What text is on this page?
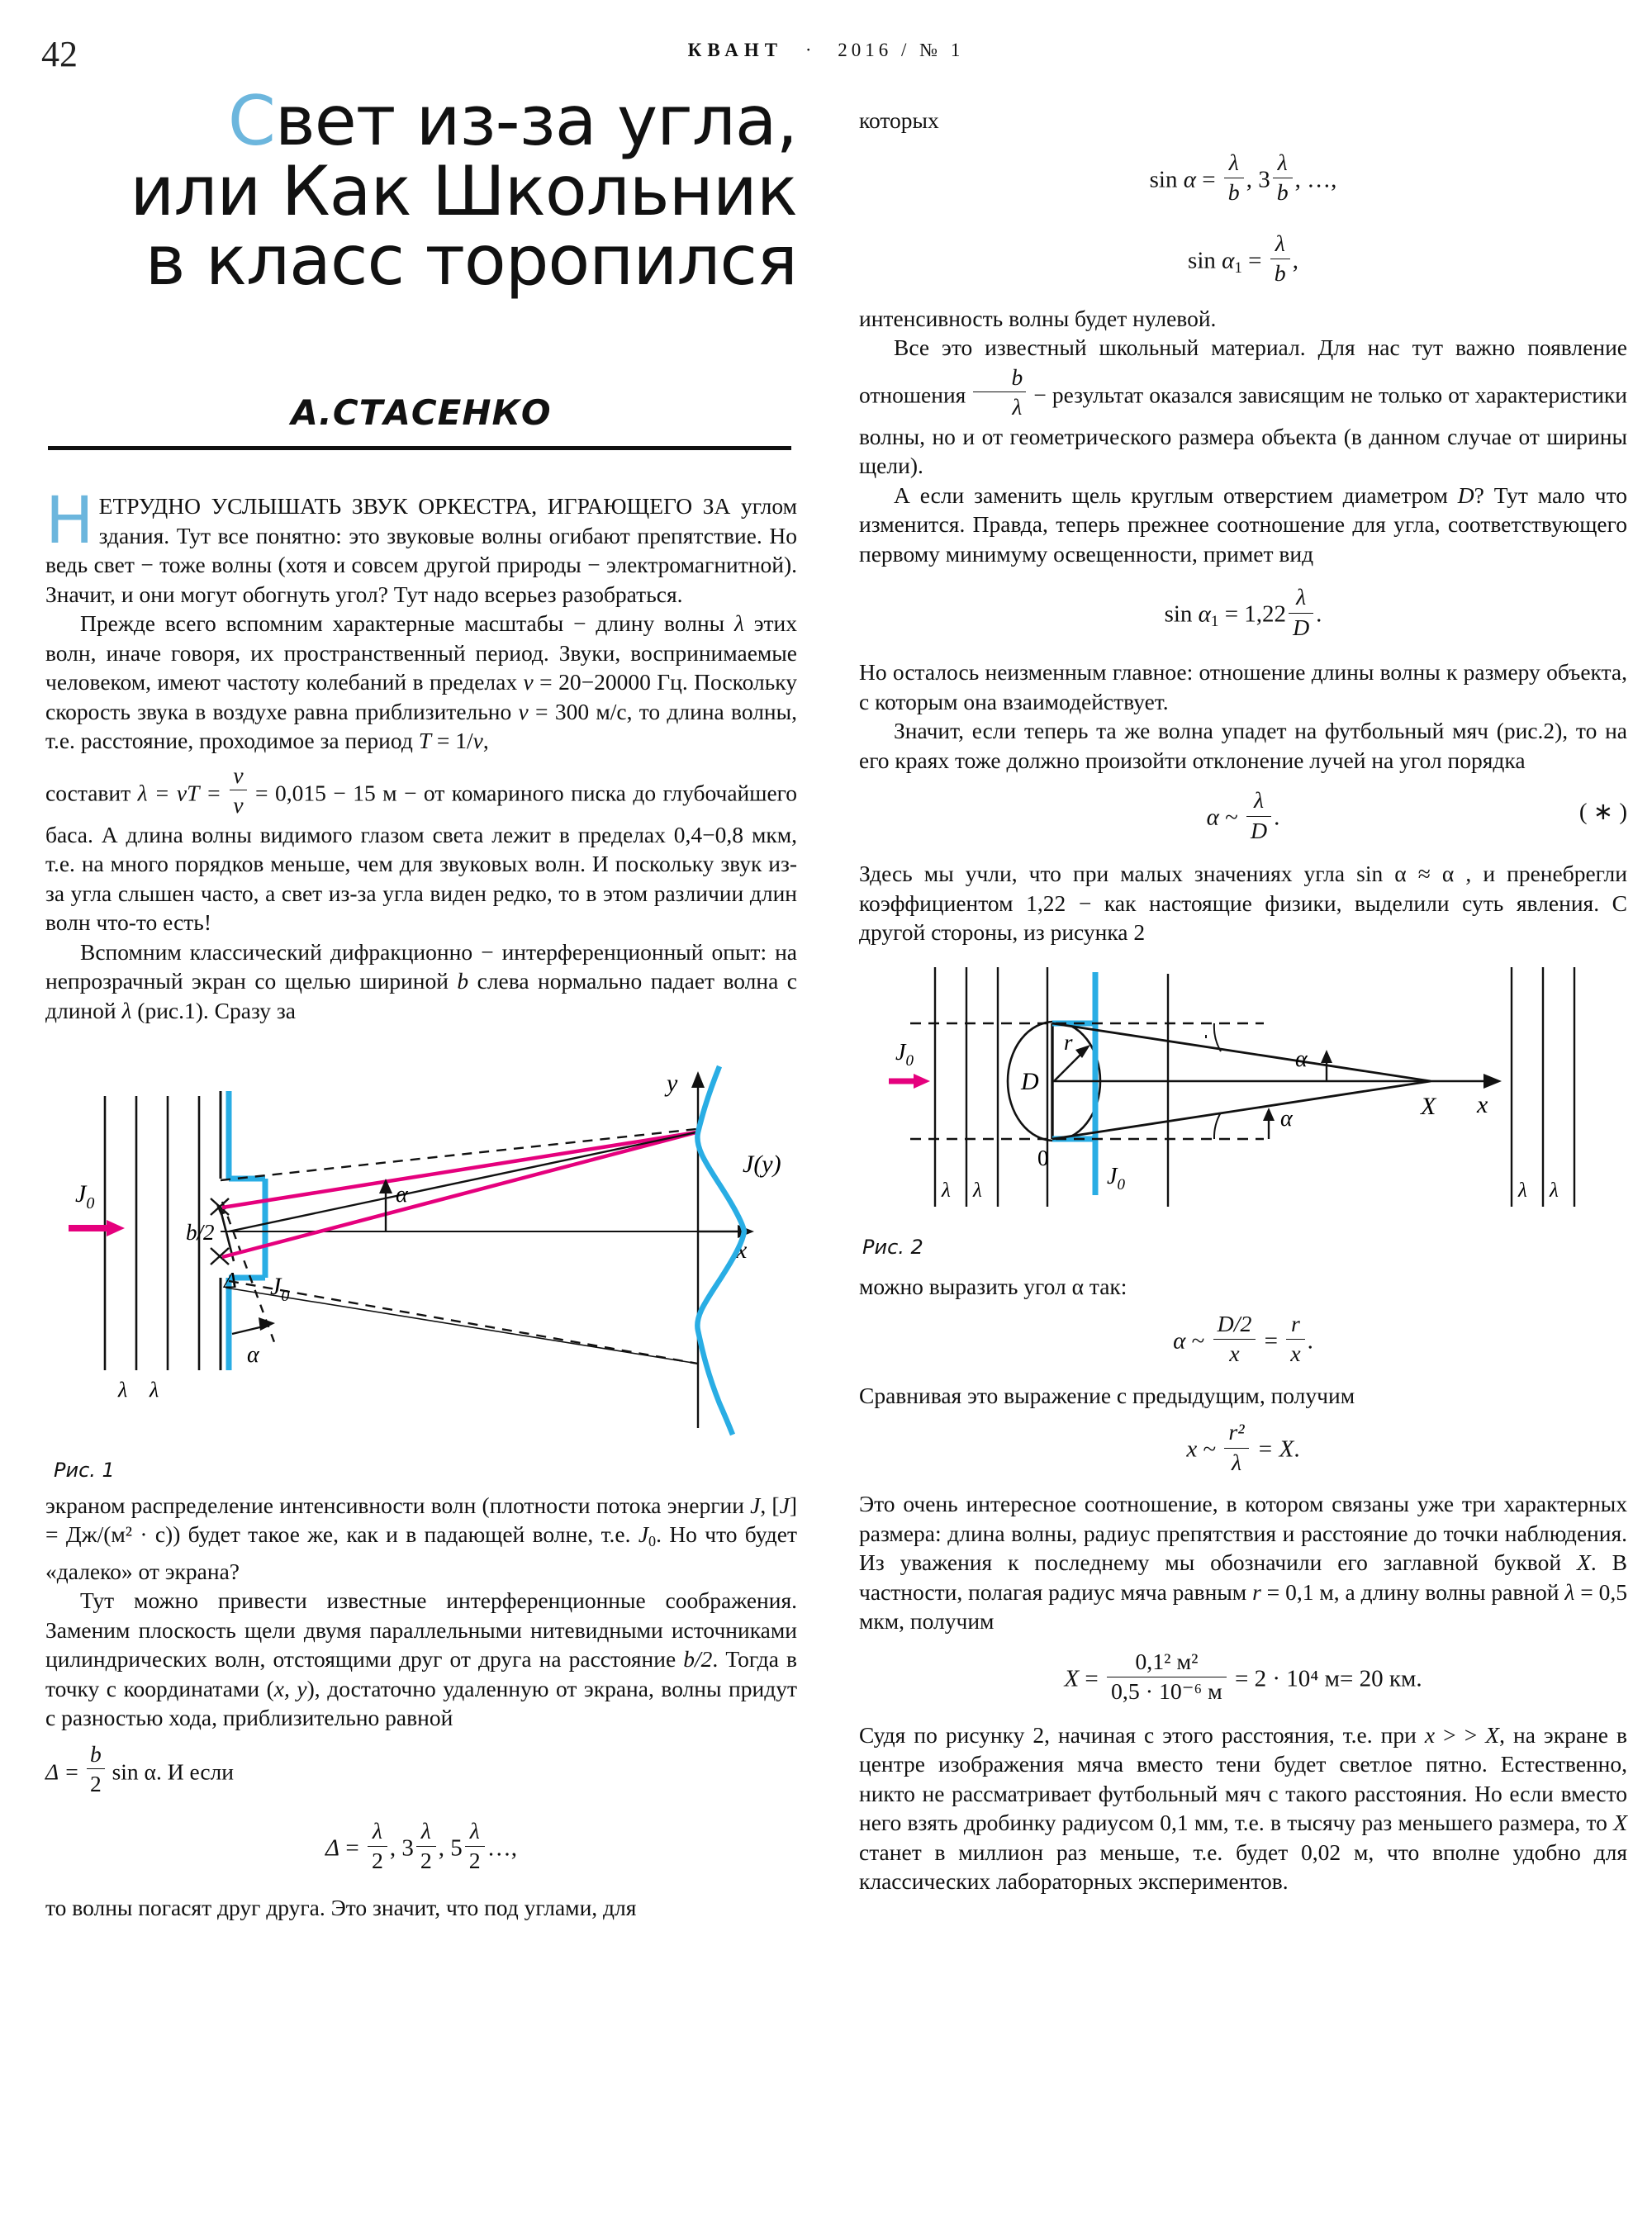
42	КВАНТ · 2016 / № 1
Свет из-за угла,
или Как Школьник
в класс торопился
А.СТАСЕНКО

НЕТРУДНО УСЛЫШАТЬ ЗВУК ОРКЕСТРА, ИГРАЮЩЕГО ЗА углом здания. Тут все понятно: это звуковые волны огибают препятствие. Но ведь свет − тоже волны (хотя и совсем другой природы − электромагнитной). Значит, и они могут обогнуть угол? Тут надо всерьез разобраться.

Прежде всего вспомним характерные масштабы − длину волны λ этих волн, иначе говоря, их пространственный период. Звуки, воспринимаемые человеком, имеют частоту колебаний в пределах ν = 20−20000 Гц. Поскольку скорость звука в воздухе равна приблизительно v = 300 м/с, то длина волны, т.е. расстояние, проходимое за период T = 1/ν,

составит λ = vT = $\frac{v}{\nu} = 0,015 - 15$ м − от комариного писка до глубочайшего баса. А длина волны видимого глазом света лежит в пределах 0,4−0,8 мкм, т.е. на много порядков меньше, чем для звуковых волн. И поскольку звук из-за угла слышен часто, а свет из-за угла виден редко, то в этом различии длин волн что-то есть!

Вспомним классический дифракционно − интерференционный опыт: на непрозрачный экран со щелью шириной b слева нормально падает волна с длиной λ (рис.1). Сразу за

λ λ
$J_0$
b/2
Δ
α
α
$J_0$
y
x
J(y)
Рис. 1

экраном распределение интенсивности волн (плотности потока энергии J, [J] = Дж/(м² · с)) будет такое же, как и в падающей волне, т.е. $J_0$. Но что будет «далеко» от экрана?

Тут можно привести известные интерференционные соображения. Заменим плоскость щели двумя параллельными нитевидными источниками цилиндрических волн, отстоящими друг от друга на расстояние b/2. Тогда в точку с координатами (x, y), достаточно удаленную от экрана, волны придут с разностью хода, приблизительно равной

$\Delta = \frac{b}{2}$ sin α. И если

$\Delta = \frac{\lambda}{2}$ , $3 \frac{\lambda}{2}$ , $5 \frac{\lambda}{2}$ …,

то волны погасят друг друга. Это значит, что под углами, для

которых

$\sin \alpha = \frac{\lambda}{b}$ , $3 \frac{\lambda}{b}$ , …,
$\sin \alpha_1 = \frac{\lambda}{b}$ ,

интенсивность волны будет нулевой.

Все это известный школьный материал. Для нас тут важно появление отношения $\frac{b}{\lambda}$ − результат оказался зависящим не только от характеристики волны, но и от геометрического размера объекта (в данном случае от ширины щели).

А если заменить щель круглым отверстием диаметром D? Тут мало что изменится. Правда, теперь прежнее соотношение для угла, соответствующего первому минимуму освещенности, примет вид

$\sin \alpha_1 = 1,22 \frac{\lambda}{D}$ .

Но осталось неизменным главное: отношение длины волны к размеру объекта, с которым она взаимодействует.

Значит, если теперь та же волна упадет на футбольный мяч (рис.2), то на его краях тоже должно произойти отклонение лучей на угол порядка

α ~ $\frac{\lambda}{D}$ .	( ∗ )

Здесь мы учли, что при малых значениях угла sin α ≈ α , и пренебрегли коэффициентом 1,22 − как настоящие физики, выделили суть явления. С другой стороны, из рисунка 2

λ λ	λ λ
$J_0$
D
r
0
$J_0$
X x
α
α
Рис. 2

можно выразить угол α так:

α ~ $\frac{D/2}{x} = \frac{r}{x}$ .

Сравнивая это выражение с предыдущим, получим

x ~ $\frac{\text{r²}}{\lambda} = X$.

Это очень интересное соотношение, в котором связаны уже три характерных размера: длина волны, радиус препятствия и расстояние до точки наблюдения. Из уважения к последнему мы обозначили его заглавной буквой X. В частности, полагая радиус мяча равным r = 0,1 м, а длину волны равной λ = 0,5 мкм, получим

$X = \frac{\text{0,1² м²}}{\text{0,5 · 10⁻⁶ м}} = 2 \cdot 10^4$ м= 20 км.

Судя по рисунку 2, начиная с этого расстояния, т.е. при x > > X, на экране в центре изображения мяча вместо тени будет светлое пятно. Естественно, никто не рассматривает футбольный мяч с такого расстояния. Но если вместо него взять дробинку радиусом 0,1 мм, т.е. в тысячу раз меньшего размера, то X станет в миллион раз меньше, т.е. будет 0,02 м, что вполне удобно для классических лабораторных экспериментов.
